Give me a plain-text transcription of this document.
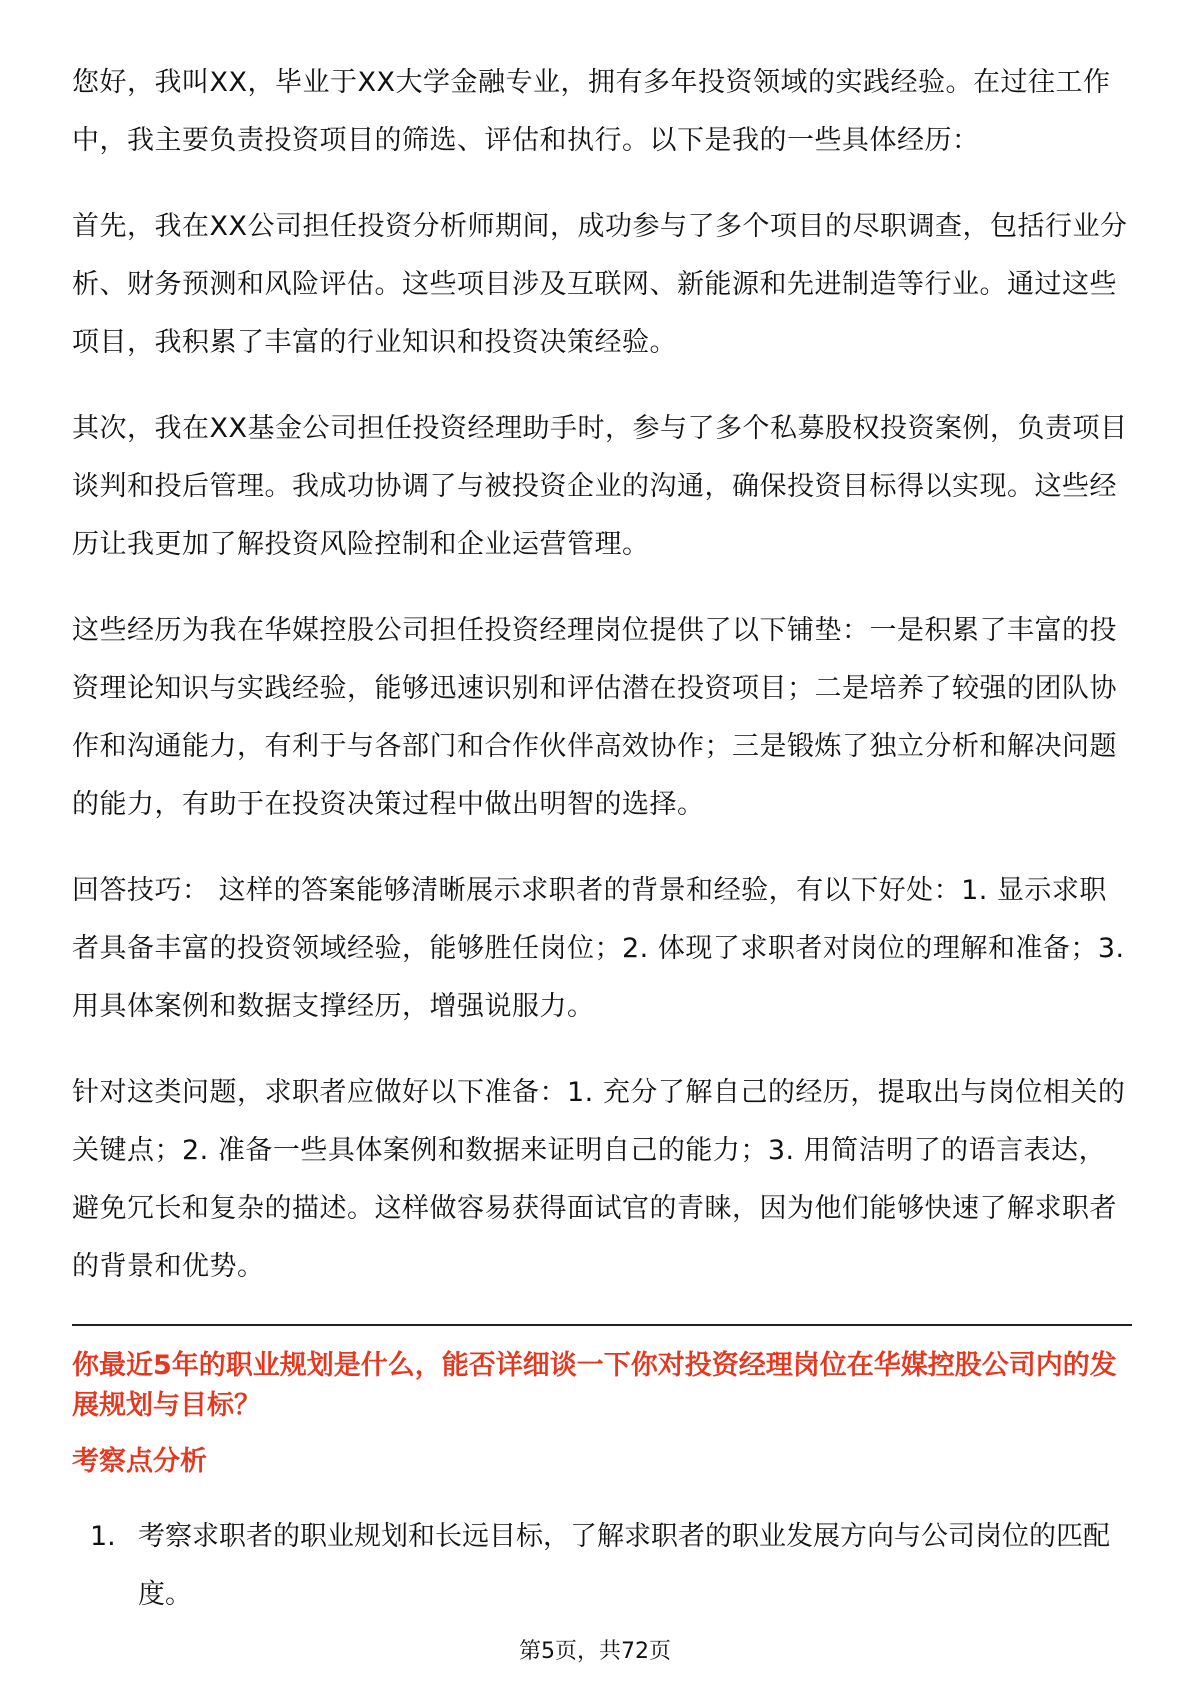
您好，我叫XX，毕业于XX大学金融专业，拥有多年投资领域的实践经验。在过往工作中，我主要负责投资项目的筛选、评估和执行。以下是我的一些具体经历：

首先，我在XX公司担任投资分析师期间，成功参与了多个项目的尽职调查，包括行业分析、财务预测和风险评估。这些项目涉及互联网、新能源和先进制造等行业。通过这些项目，我积累了丰富的行业知识和投资决策经验。

其次，我在XX基金公司担任投资经理助手时，参与了多个私募股权投资案例，负责项目谈判和投后管理。我成功协调了与被投资企业的沟通，确保投资目标得以实现。这些经历让我更加了解投资风险控制和企业运营管理。

这些经历为我在华媒控股公司担任投资经理岗位提供了以下铺垫：一是积累了丰富的投资理论知识与实践经验，能够迅速识别和评估潜在投资项目；二是培养了较强的团队协作和沟通能力，有利于与各部门和合作伙伴高效协作；三是锻炼了独立分析和解决问题的能力，有助于在投资决策过程中做出明智的选择。

回答技巧： 这样的答案能够清晰展示求职者的背景和经验，有以下好处：1. 显示求职者具备丰富的投资领域经验，能够胜任岗位；2. 体现了求职者对岗位的理解和准备；3. 用具体案例和数据支撑经历，增强说服力。

针对这类问题，求职者应做好以下准备：1. 充分了解自己的经历，提取出与岗位相关的关键点；2. 准备一些具体案例和数据来证明自己的能力；3. 用简洁明了的语言表达，避免冗长和复杂的描述。这样做容易获得面试官的青睐，因为他们能够快速了解求职者的背景和优势。

你最近5年的职业规划是什么，能否详细谈一下你对投资经理岗位在华媒控股公司内的发展规划与目标？
考察点分析
1. 考察求职者的职业规划和长远目标，了解求职者的职业发展方向与公司岗位的匹配度。
第5页，共72页
